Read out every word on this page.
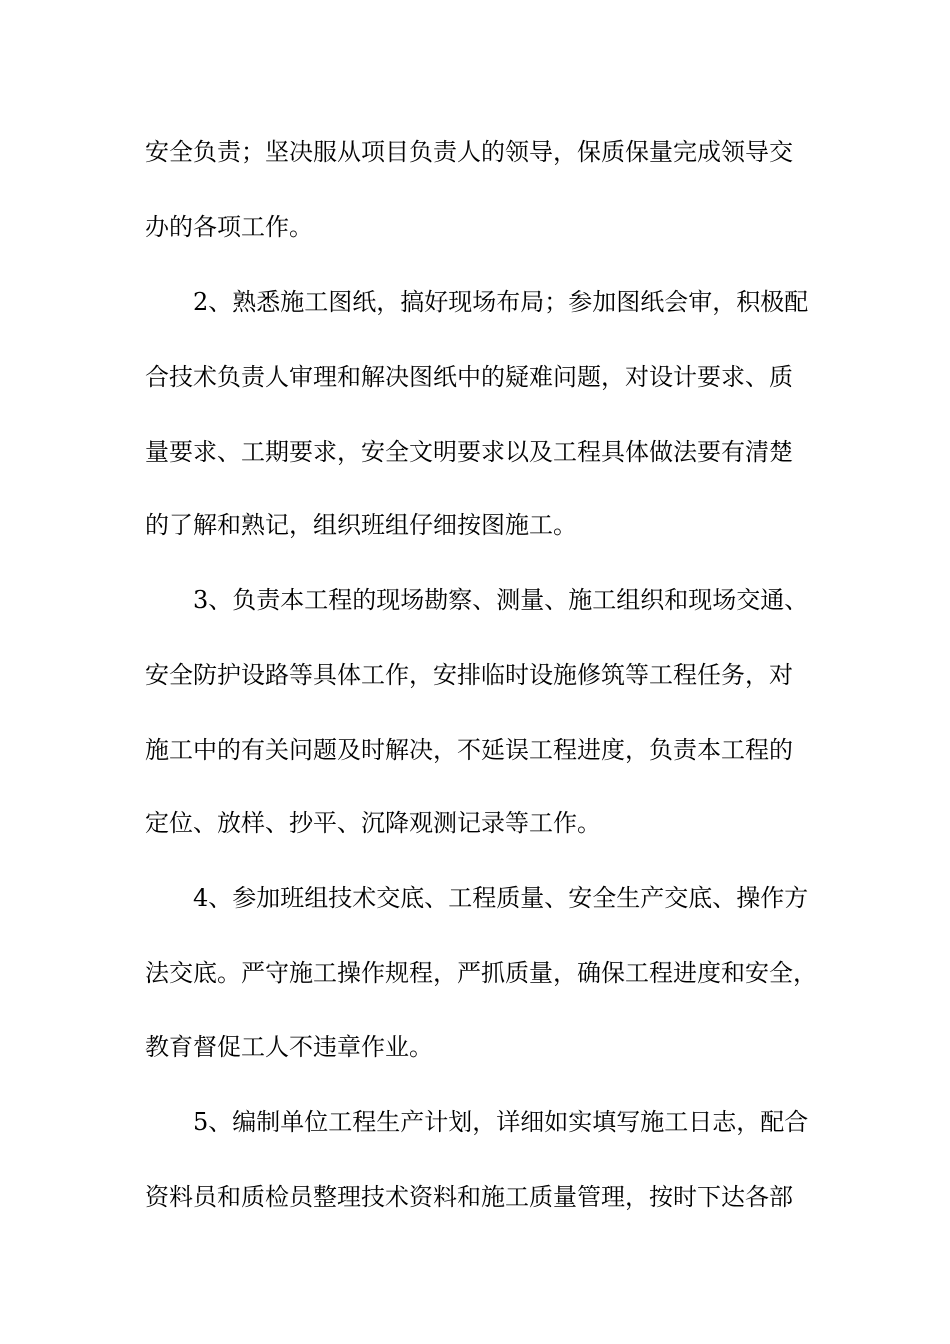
安全负责；坚决服从项目负责人的领导，保质保量完成领导交
办的各项工作。
2、熟悉施工图纸，搞好现场布局；参加图纸会审，积极配
合技术负责人审理和解决图纸中的疑难问题，对设计要求、质
量要求、工期要求，安全文明要求以及工程具体做法要有清楚
的了解和熟记，组织班组仔细按图施工。
3、负责本工程的现场勘察、测量、施工组织和现场交通、
安全防护设路等具体工作，安排临时设施修筑等工程任务，对
施工中的有关问题及时解决，不延误工程进度，负责本工程的
定位、放样、抄平、沉降观测记录等工作。
4、参加班组技术交底、工程质量、安全生产交底、操作方
法交底。严守施工操作规程，严抓质量，确保工程进度和安全，
教育督促工人不违章作业。
5、编制单位工程生产计划，详细如实填写施工日志，配合
资料员和质检员整理技术资料和施工质量管理，按时下达各部
